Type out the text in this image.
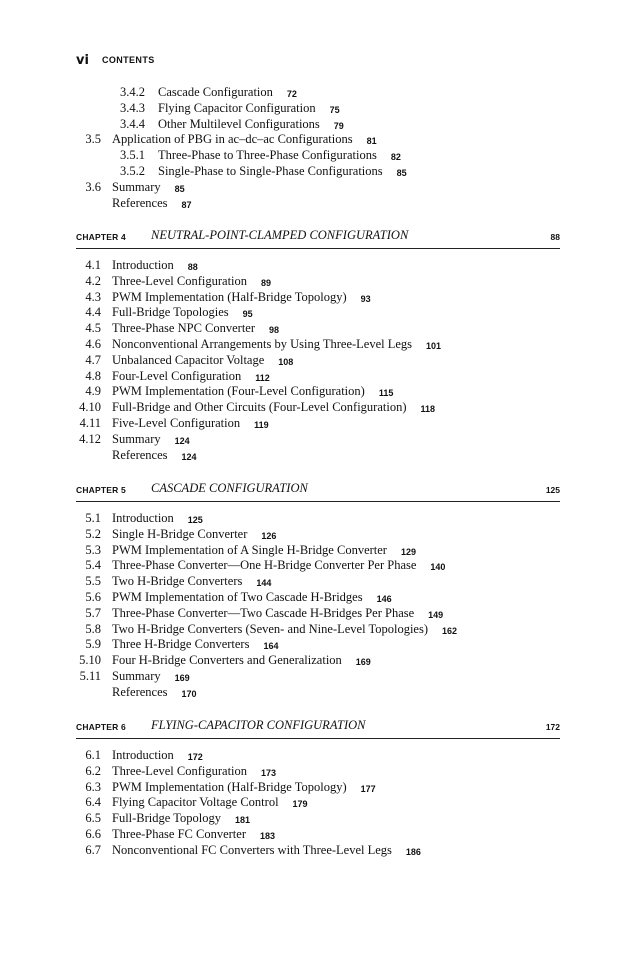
vi CONTENTS
3.4.2 Cascade Configuration 72
3.4.3 Flying Capacitor Configuration 75
3.4.4 Other Multilevel Configurations 79
3.5 Application of PBG in ac–dc–ac Configurations 81
3.5.1 Three-Phase to Three-Phase Configurations 82
3.5.2 Single-Phase to Single-Phase Configurations 85
3.6 Summary 85
References 87
CHAPTER 4 NEUTRAL-POINT-CLAMPED CONFIGURATION	88
4.1 Introduction 88
4.2 Three-Level Configuration 89
4.3 PWM Implementation (Half-Bridge Topology) 93
4.4 Full-Bridge Topologies 95
4.5 Three-Phase NPC Converter 98
4.6 Nonconventional Arrangements by Using Three-Level Legs 101
4.7 Unbalanced Capacitor Voltage 108
4.8 Four-Level Configuration 112
4.9 PWM Implementation (Four-Level Configuration) 115
4.10 Full-Bridge and Other Circuits (Four-Level Configuration) 118
4.11 Five-Level Configuration 119
4.12 Summary 124
References 124
CHAPTER 5 CASCADE CONFIGURATION	125
5.1 Introduction 125
5.2 Single H-Bridge Converter 126
5.3 PWM Implementation of A Single H-Bridge Converter 129
5.4 Three-Phase Converter—One H-Bridge Converter Per Phase 140
5.5 Two H-Bridge Converters 144
5.6 PWM Implementation of Two Cascade H-Bridges 146
5.7 Three-Phase Converter—Two Cascade H-Bridges Per Phase 149
5.8 Two H-Bridge Converters (Seven- and Nine-Level Topologies) 162
5.9 Three H-Bridge Converters 164
5.10 Four H-Bridge Converters and Generalization 169
5.11 Summary 169
References 170
CHAPTER 6 FLYING-CAPACITOR CONFIGURATION	172
6.1 Introduction 172
6.2 Three-Level Configuration 173
6.3 PWM Implementation (Half-Bridge Topology) 177
6.4 Flying Capacitor Voltage Control 179
6.5 Full-Bridge Topology 181
6.6 Three-Phase FC Converter 183
6.7 Nonconventional FC Converters with Three-Level Legs 186
